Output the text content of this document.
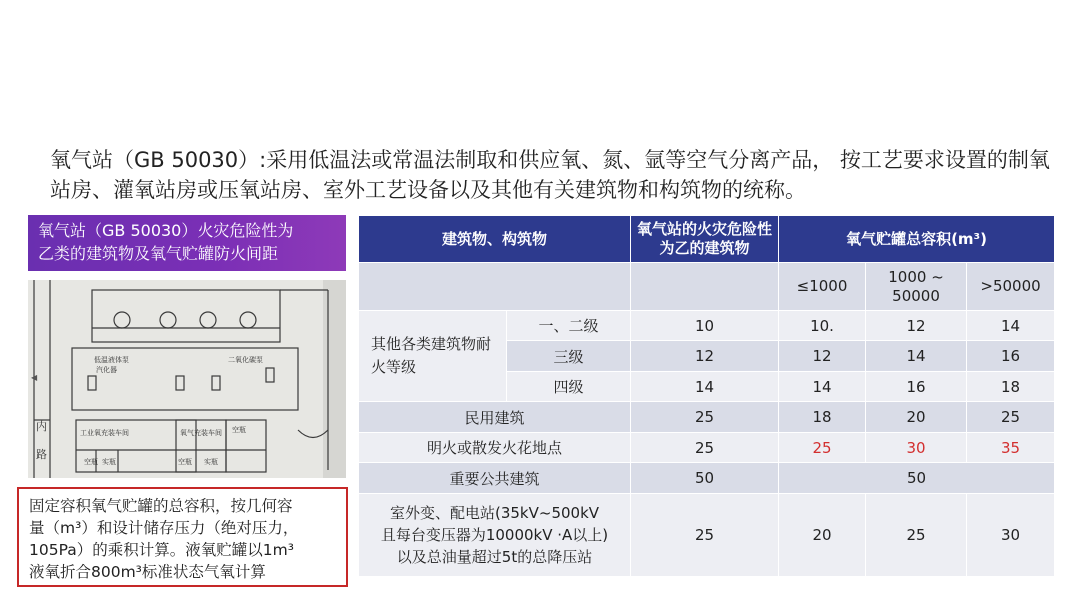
氧气站（GB 50030）:采用低温法或常温法制取和供应氧、氮、氩等空气分离产品， 按工艺要求设置的制氧站房、灌氧站房或压氧站房、室外工艺设备以及其他有关建筑物和构筑物的统称。

氧气站（GB 50030）火灾危险性为
乙类的建筑物及氧气贮罐防火间距
低温液体泵
汽化器
二氧化碳泵
工业氧充装车间
空瓶 实瓶
氧气充装车间
空瓶 实瓶
空瓶
内
路
◀

固定容积氧气贮罐的总容积，按几何容

量（m³）和设计储存压力（绝对压力，

105Pa）的乘积计算。液氧贮罐以1m³

液氧折合800m³标准状态气氧计算

建筑物、构筑物		氧气站的火灾危险性为乙的建筑物	氧气贮罐总容积(m³)		
			≤1000	1000 ~ 50000	>50000
其他各类建筑物耐火等级	一、二级	10	10.	12	14
	三级	12	12	14	16
	四级	14	14	16	18
民用建筑		25	18	20	25
明火或散发火花地点		25	25	30	35
重要公共建筑		50	50		

室外变、配电站(35kV~500kV
且每台变压器为10000kV ·A以上)
以及总油量超过5t的总降压站		25	20	25	30
